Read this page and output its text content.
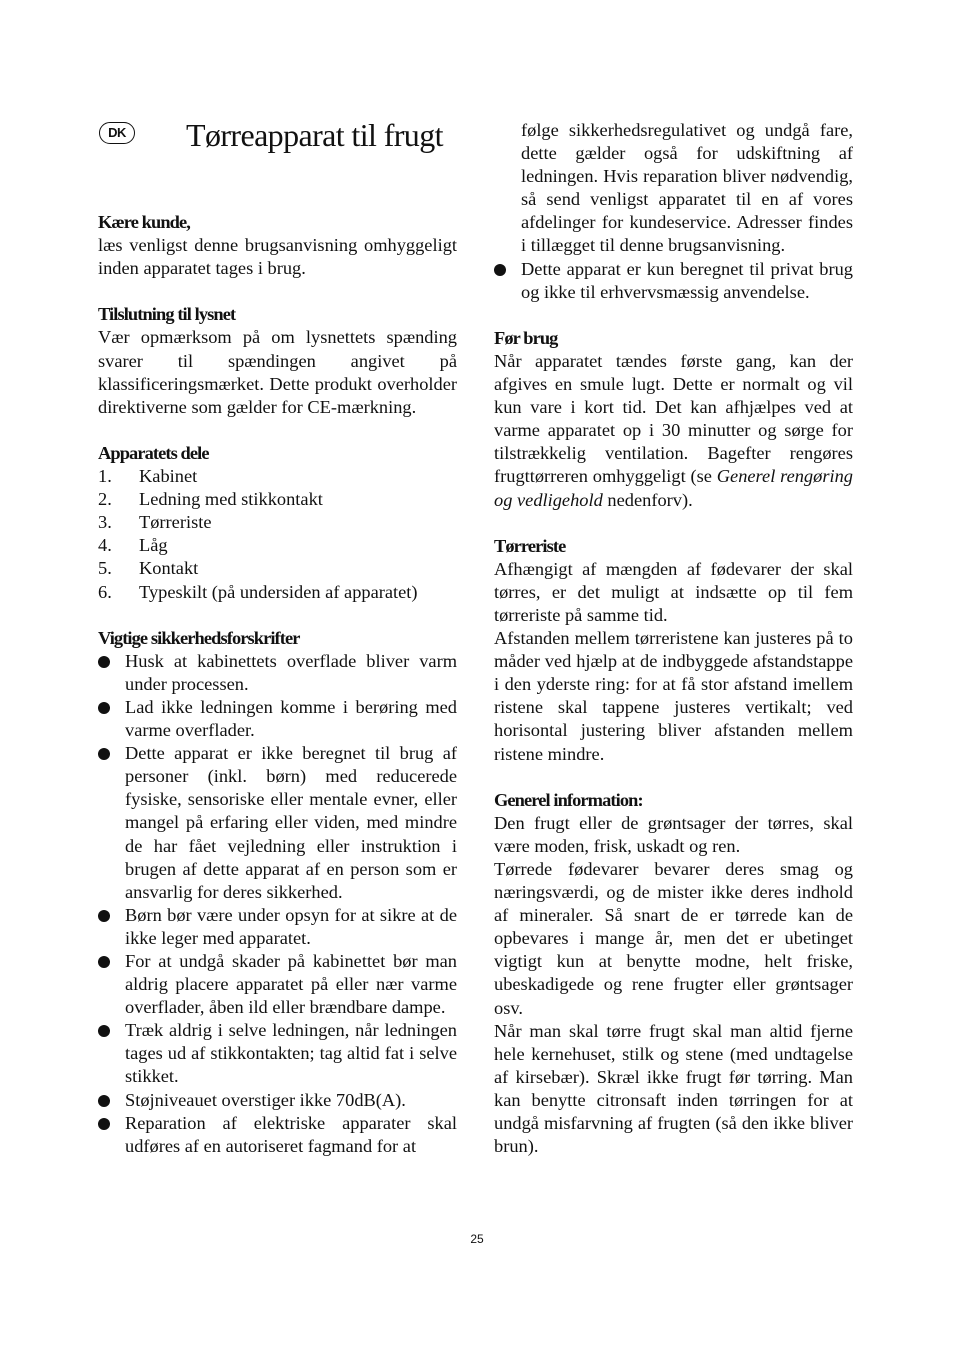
DK Tørreapparat til frugt
Kære kunde,

læs venligst denne brugsanvisning omhyggeligt inden apparatet tages i brug.

Tilslutning til lysnet

Vær opmærksom på om lysnettets spænding svarer til spændingen angivet på klassificeringsmærket. Dette produkt overholder direktiverne som gælder for CE-mærkning.

Apparatets dele
1.	Kabinet
2.	Ledning med stikkontakt
3.	Tørreriste
4.	Låg
5.	Kontakt
6.	Typeskilt (på undersiden af apparatet)
Vigtige sikkerhedsforskrifter
Husk at kabinettets overflade bliver varm under processen.
Lad ikke ledningen komme i berøring med varme overflader.
Dette apparat er ikke beregnet til brug af personer (inkl. børn) med reducerede fysiske, sensoriske eller mentale evner, eller mangel på erfaring eller viden, med mindre de har fået vejledning eller instruktion i brugen af dette apparat af en person som er ansvarlig for deres sikkerhed.
Børn bør være under opsyn for at sikre at de ikke leger med apparatet.
For at undgå skader på kabinettet bør man aldrig placere apparatet på eller nær varme overflader, åben ild eller brændbare dampe.
Træk aldrig i selve ledningen, når ledningen tages ud af stikkontakten; tag altid fat i selve stikket.
Støjniveauet overstiger ikke 70dB(A).
Reparation af elektriske apparater skal udføres af en autoriseret fagmand for at

følge sikkerhedsregulativet og undgå fare, dette gælder også for udskiftning af ledningen. Hvis reparation bliver nødvendig, så send venligst apparatet til en af vores afdelinger for kundeservice. Adresser findes i tillægget til denne brugsanvisning.

Dette apparat er kun beregnet til privat brug og ikke til erhvervsmæssig anvendelse.
Før brug

Når apparatet tændes første gang, kan der afgives en smule lugt. Dette er normalt og vil kun vare i kort tid. Det kan afhjælpes ved at varme apparatet op i 30 minutter og sørge for tilstrækkelig ventilation. Bagefter rengøres frugttørreren omhyggeligt (se Generel rengøring og vedligehold nedenforv).

Tørreriste

Afhængigt af mængden af fødevarer der skal tørres, er det muligt at indsætte op til fem tørreriste på samme tid.

Afstanden mellem tørreristene kan justeres på to måder ved hjælp at de indbyggede afstandstappe i den yderste ring: for at få stor afstand imellem ristene skal tappene justeres vertikalt; ved horisontal justering bliver afstanden mellem ristene mindre.

Generel information:

Den frugt eller de grøntsager der tørres, skal være moden, frisk, uskadt og ren.

Tørrede fødevarer bevarer deres smag og næringsværdi, og de mister ikke deres indhold af mineraler. Så snart de er tørrede kan de opbevares i mange år, men det er ubetinget vigtigt kun at benytte modne, helt friske, ubeskadigede og rene frugter eller grøntsager osv.

Når man skal tørre frugt skal man altid fjerne hele kernehuset, stilk og stene (med undtagelse af kirsebær). Skræl ikke frugt før tørring. Man kan benytte citronsaft inden tørringen for at undgå misfarvning af frugten (så den ikke bliver brun).

25
